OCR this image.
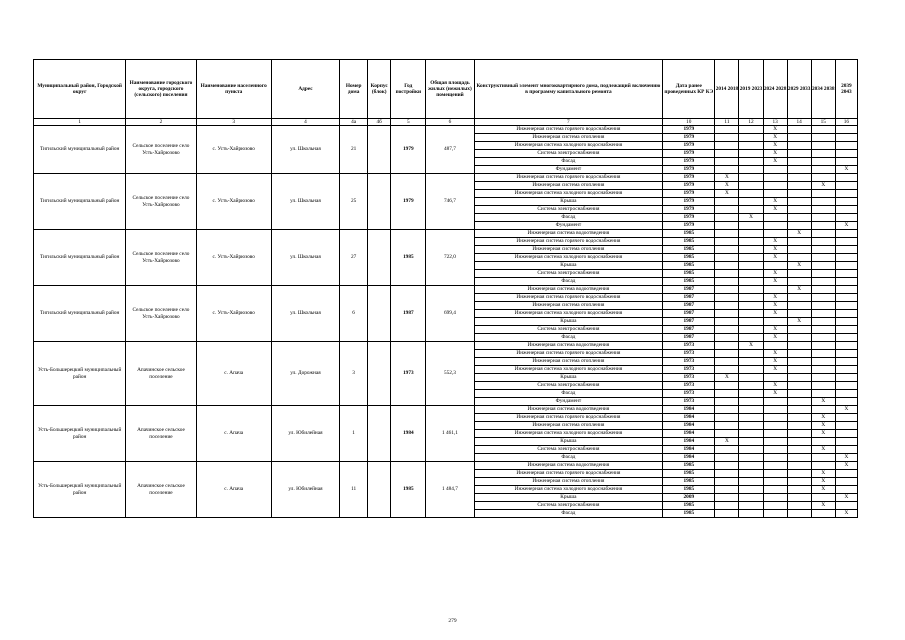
Муниципальный район, Городской округ	Наименование городского округа, городского (сельского) поселения	Наименование населенного пункта	Адрес	Номер дома	Корпус (блок)	Год постройки	Общая площадь жилых (нежилых) помещений	Конструктивный элемент многоквартирного дома, подлежащий включению в программу капитального ремонта	Дата ранее проведенных КР КЭ	2014 2018	2019 2023	2024 2028	2029 2033	2034 2038	2039 2043
1	2	3	4	4а	4б	5	6	7	10	11	12	13	14	15	16
Тигильский муниципальный район	Сельское поселение село Усть-Хайрюзово	с. Усть-Хайрюзово	ул. Школьная	21		1979	487,7	Инженерная система горячего водоснабжения	1979			X			
								Инженерная система отопления	1979			X			
								Инженерная система холодного водоснабжения	1979			X			
								Система электроснабжения	1979			X			
								Фасад	1979			X			
								Фундамент	1979						X
Тигильский муниципальный район	Сельское поселение село Усть-Хайрюзово	с. Усть-Хайрюзово	ул. Школьная	25		1979	746,7	Инженерная система горячего водоснабжения	1979	X					
								Инженерная система отопления	1979	X				X	
								Инженерная система холодного водоснабжения	1979	X					
								Крыша	1979			X			
								Система электроснабжения	1979			X			
								Фасад	1979		X				
								Фундамент	1979						X
Тигильский муниципальный район	Сельское поселение село Усть-Хайрюзово	с. Усть-Хайрюзово	ул. Школьная	27		1985	722,0	Инженерная система водоотведения	1985				X		
								Инженерная система горячего водоснабжения	1985			X			
								Инженерная система отопления	1985			X			
								Инженерная система холодного водоснабжения	1985			X			
								Крыша	1985				X		
								Система электроснабжения	1985			X			
								Фасад	1985			X			
Тигильский муниципальный район	Сельское поселение село Усть-Хайрюзово	с. Усть-Хайрюзово	ул. Школьная	6		1987	699,4	Инженерная система водоотведения	1987				X		
								Инженерная система горячего водоснабжения	1987			X			
								Инженерная система отопления	1987			X			
								Инженерная система холодного водоснабжения	1987			X			
								Крыша	1987				X		
								Система электроснабжения	1987			X			
								Фасад	1987			X			
Усть-Большерецкий муниципальный район	Апачинское сельское поселение	с. Апача	ул. Дорожная	3		1973	552,3	Инженерная система водоотведения	1973		X				
								Инженерная система горячего водоснабжения	1973			X			
								Инженерная система отопления	1973			X			
								Инженерная система холодного водоснабжения	1973			X			
								Крыша	1973	X					
								Система электроснабжения	1973			X			
								Фасад	1973			X			
								Фундамент	1973					X	
Усть-Большерецкий муниципальный район	Апачинское сельское поселение	с. Апача	ул. Юбилейная	1		1984	1 461,1	Инженерная система водоотведения	1984						X
								Инженерная система горячего водоснабжения	1984					X	
								Инженерная система отопления	1984					X	
								Инженерная система холодного водоснабжения	1984					X	
								Крыша	1984	X					
								Система электроснабжения	1984					X	
								Фасад	1984						X
Усть-Большерецкий муниципальный район	Апачинское сельское поселение	с. Апача	ул. Юбилейная	11		1985	1 484,7	Инженерная система водоотведения	1985						X
								Инженерная система горячего водоснабжения	1985					X	
								Инженерная система отопления	1985					X	
								Инженерная система холодного водоснабжения	1985					X	
								Крыша	2009						X
								Система электроснабжения	1985					X	
								Фасад	1985						X
279
